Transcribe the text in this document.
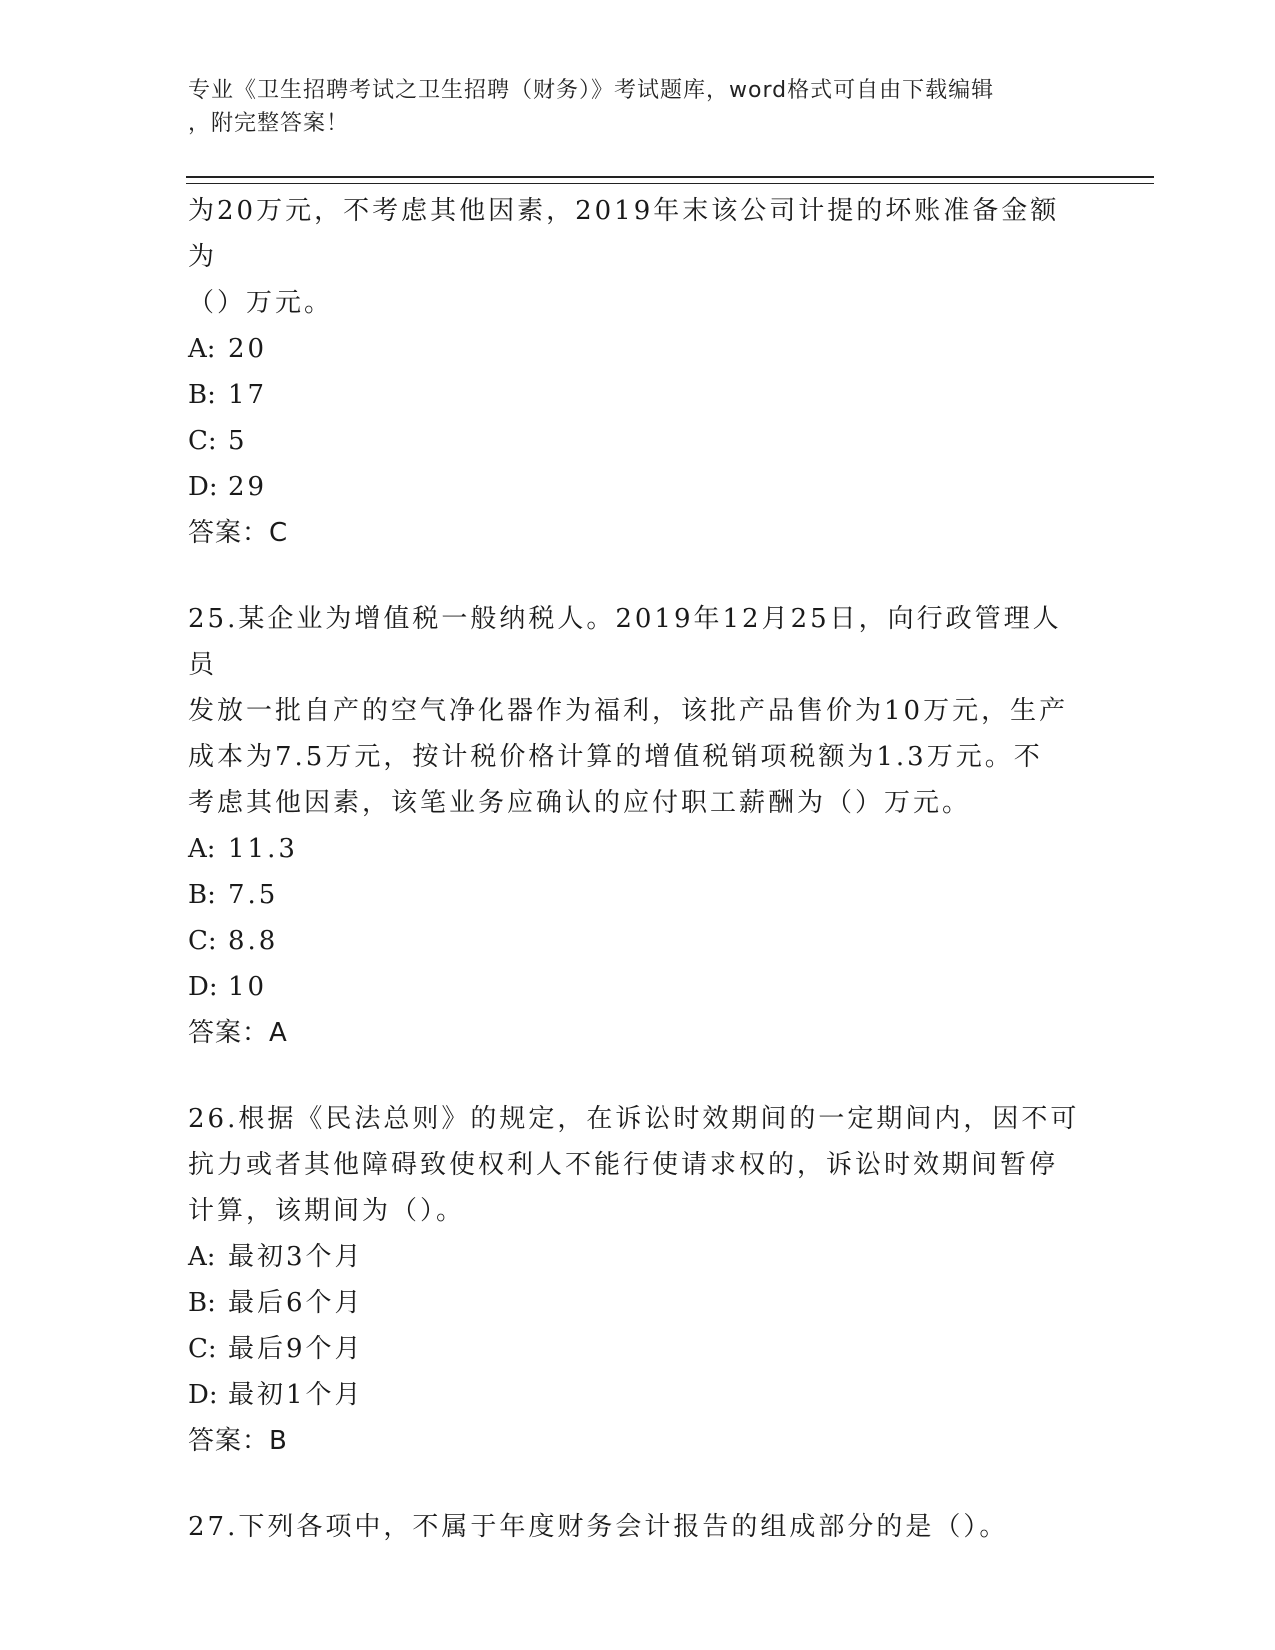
专业《卫生招聘考试之卫生招聘（财务）》考试题库，word格式可自由下载编辑
，附完整答案！

为20万元，不考虑其他因素，2019年末该公司计提的坏账准备金额为

（）万元。

A: 20
B: 17
C: 5
D: 29

答案：C

25.某企业为增值税一般纳税人。2019年12月25日，向行政管理人员

发放一批自产的空气净化器作为福利，该批产品售价为10万元，生产

成本为7.5万元，按计税价格计算的增值税销项税额为1.3万元。不

考虑其他因素，该笔业务应确认的应付职工薪酬为（）万元。

A: 11.3
B: 7.5
C: 8.8
D: 10

答案：A

26.根据《民法总则》的规定，在诉讼时效期间的一定期间内，因不可

抗力或者其他障碍致使权利人不能行使请求权的，诉讼时效期间暂停

计算，该期间为（）。

A: 最初3个月
B: 最后6个月
C: 最后9个月
D: 最初1个月

答案：B

27.下列各项中，不属于年度财务会计报告的组成部分的是（）。
